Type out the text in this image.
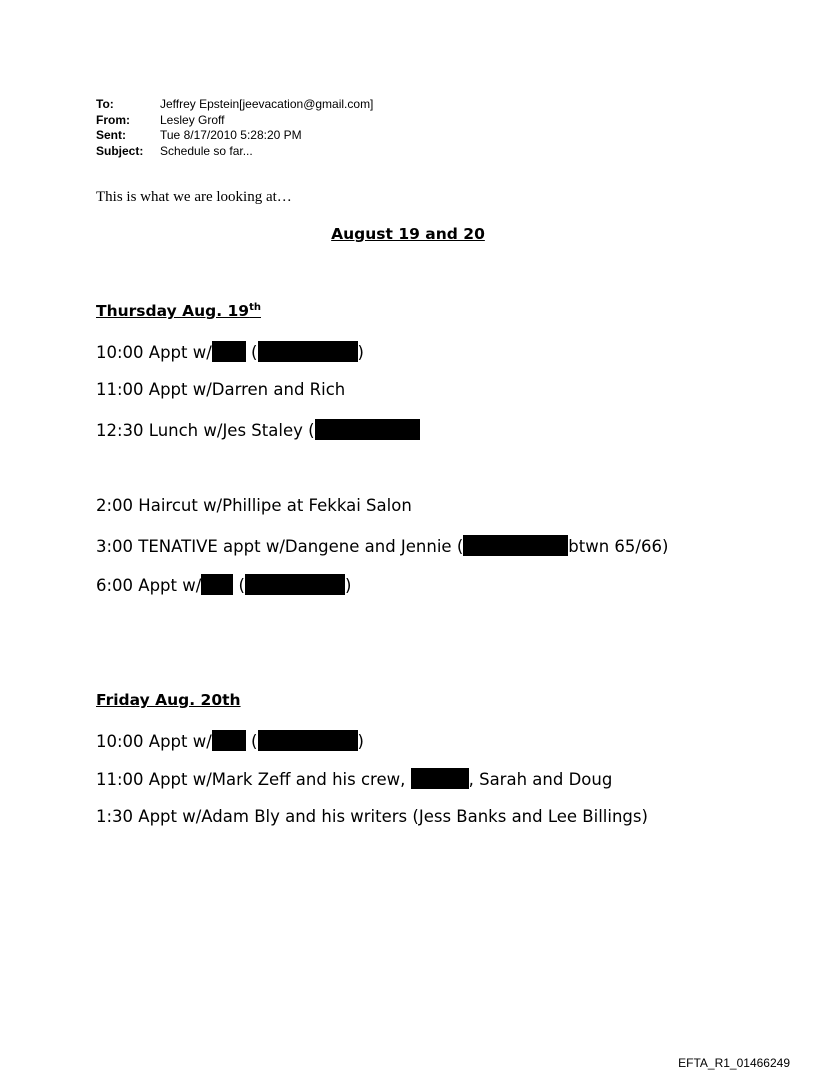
To:	Jeffrey Epstein[jeevacation@gmail.com]
From:	Lesley Groff
Sent:	Tue 8/17/2010 5:28:20 PM
Subject:	Schedule so far...
This is what we are looking at…
August 19 and 20
Thursday Aug. 19th
10:00 Appt w/ (	)
11:00 Appt w/Darren and Rich
12:30 Lunch w/Jes Staley (
2:00 Haircut w/Phillipe at Fekkai Salon
3:00 TENATIVE appt w/Dangene and Jennie (	btwn 65/66)
6:00 Appt w/ (	)
Friday Aug. 20th
10:00 Appt w/ (	)
11:00 Appt w/Mark Zeff and his crew,	, Sarah and Doug
1:30 Appt w/Adam Bly and his writers (Jess Banks and Lee Billings)
EFTA_R1_01466249
